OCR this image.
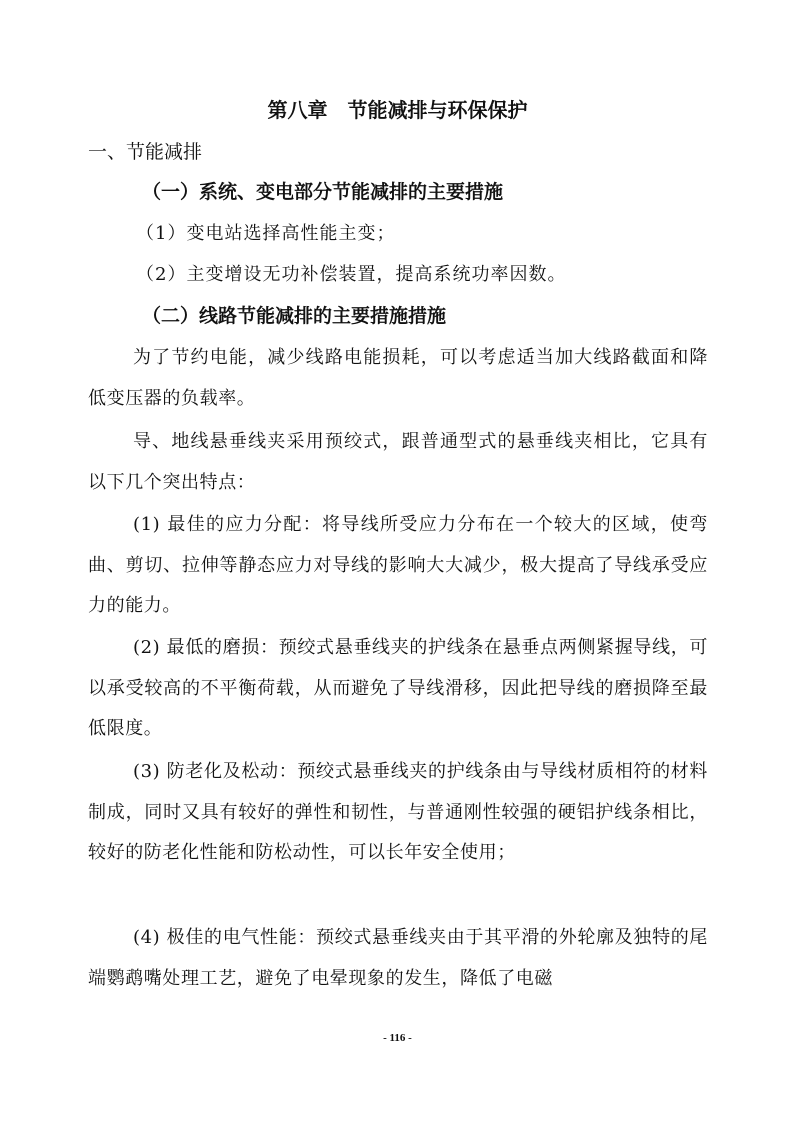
第八章　节能减排与环保保护
一、节能减排
（一）系统、变电部分节能减排的主要措施
（1）变电站选择高性能主变；
（2）主变增设无功补偿装置，提高系统功率因数。
（二）线路节能减排的主要措施措施

为了节约电能，减少线路电能损耗，可以考虑适当加大线路截面和降低变压器的负载率。

导、地线悬垂线夹采用预绞式，跟普通型式的悬垂线夹相比，它具有以下几个突出特点：

(1) 最佳的应力分配：将导线所受应力分布在一个较大的区域，使弯曲、剪切、拉伸等静态应力对导线的影响大大减少，极大提高了导线承受应力的能力。

(2) 最低的磨损：预绞式悬垂线夹的护线条在悬垂点两侧紧握导线，可以承受较高的不平衡荷载，从而避免了导线滑移，因此把导线的磨损降至最低限度。

(3) 防老化及松动：预绞式悬垂线夹的护线条由与导线材质相符的材料制成，同时又具有较好的弹性和韧性，与普通刚性较强的硬铝护线条相比，较好的防老化性能和防松动性，可以长年安全使用；

(4) 极佳的电气性能：预绞式悬垂线夹由于其平滑的外轮廓及独特的尾端鹦鹉嘴处理工艺，避免了电晕现象的发生，降低了电磁

- 116 -
